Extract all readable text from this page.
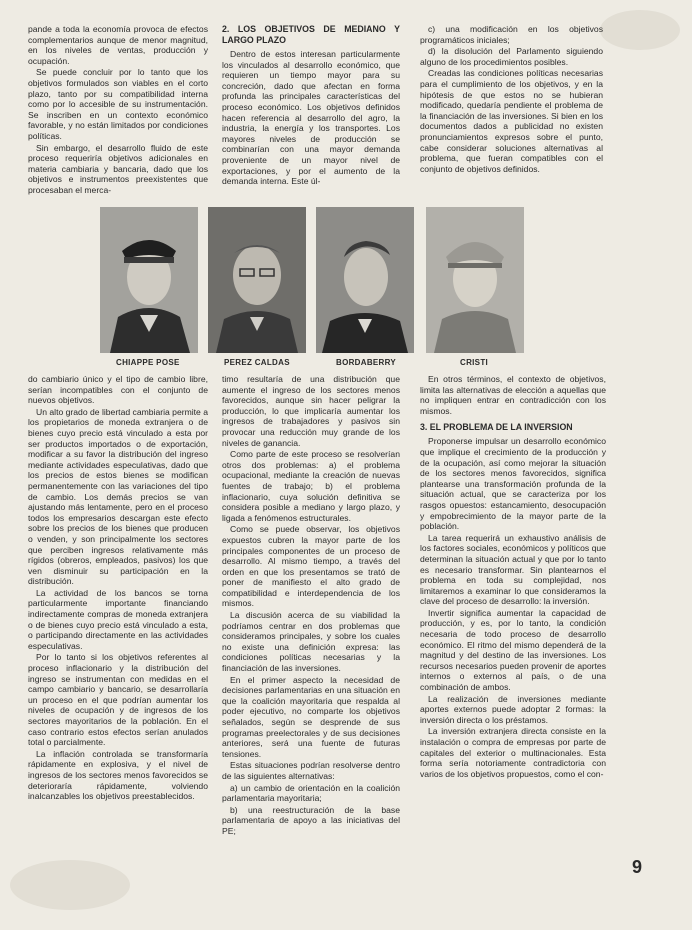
pande a toda la economía provoca de efectos complementarios aunque de menor magnitud, en los niveles de ventas, producción y ocupación.

Se puede concluir por lo tanto que los objetivos formulados son viables en el corto plazo, tanto por su compatibilidad interna como por lo accesible de su instrumentación. Se inscriben en un contexto económico favorable, y no están limitados por condiciones políticas.

Sin embargo, el desarrollo fluido de este proceso requeriría objetivos adicionales en materia cambiaria y bancaria, dado que los objetivos e instrumentos preexistentes que procesaban el merca-

2. LOS OBJETIVOS DE MEDIANO Y LARGO PLAZO

Dentro de estos interesan particularmente los vinculados al desarrollo económico, que requieren un tiempo mayor para su concreción, dado que afectan en forma profunda las principales características del proceso económico. Los objetivos definidos hacen referencia al desarrollo del agro, la industria, la energía y los transportes. Los mayores niveles de producción se combinarían con una mayor demanda proveniente de un mayor nivel de exportaciones, y por el aumento de la demanda interna. Este úl-

c) una modificación en los objetivos programáticos iniciales;

d) la disolución del Parlamento siguiendo alguno de los procedimientos posibles.

Creadas las condiciones políticas necesarias para el cumplimiento de los objetivos, y en la hipótesis de que estos no se hubieran modificado, quedaría pendiente el problema de la financiación de las inversiones. Si bien en los documentos dados a publicidad no existen pronunciamientos expresos sobre el punto, cabe considerar soluciones alternativas al problema, que fueran compatibles con el conjunto de objetivos definidos.

CHIAPPE POSE	PEREZ CALDAS	BORDABERRY	CRISTI

do cambiario único y el tipo de cambio libre, serían incompatibles con el conjunto de nuevos objetivos.

Un alto grado de libertad cambiaria permite a los propietarios de moneda extranjera o de bienes cuyo precio está vinculado a esta por ser productos importados o de exportación, modificar a su favor la distribución del ingreso mediante actividades especulativas, dado que los precios de estos bienes se modifican permanentemente con las variaciones del tipo de cambio. Los demás precios se van ajustando más lentamente, pero en el proceso todos los empresarios descargan este efecto sobre los precios de los bienes que producen o venden, y son principalmente los sectores que perciben ingresos relativamente más rígidos (obreros, empleados, pasivos) los que ven disminuir su participación en la distribución.

La actividad de los bancos se torna particularmente importante financiando indirectamente compras de moneda extranjera o de bienes cuyo precio está vinculado a esta, o participando directamente en las actividades especulativas.

Por lo tanto si los objetivos referentes al proceso inflacionario y la distribución del ingreso se instrumentan con medidas en el campo cambiario y bancario, se desarrollaría un proceso en el que podrían aumentar los niveles de ocupación y de ingresos de los sectores mayoritarios de la población. En el caso contrario estos efectos serían anulados total o parcialmente.

La inflación controlada se transformaría rápidamente en explosiva, y el nivel de ingresos de los sectores menos favorecidos se deterioraría rápidamente, volviendo inalcanzables los objetivos preestablecidos.

timo resultaría de una distribución que aumente el ingreso de los sectores menos favorecidos, aunque sin hacer peligrar la producción, lo que implicaría aumentar los ingresos de trabajadores y pasivos sin provocar una reducción muy grande de los niveles de ganancia.

Como parte de este proceso se resolverían otros dos problemas: a) el problema ocupacional, mediante la creación de nuevas fuentes de trabajo; b) el problema inflacionario, cuya solución definitiva se considera posible a mediano y largo plazo, y ligada a fenómenos estructurales.

Como se puede observar, los objetivos expuestos cubren la mayor parte de los principales componentes de un proceso de desarrollo. Al mismo tiempo, a través del orden en que los presentamos se trató de poner de manifiesto el alto grado de compatibilidad e interdependencia de los mismos.

La discusión acerca de su viabilidad la podríamos centrar en dos problemas que consideramos principales, y sobre los cuales no existe una definición expresa: las condiciones políticas necesarias y la financiación de las inversiones.

En el primer aspecto la necesidad de decisiones parlamentarias en una situación en que la coalición mayoritaria que respalda al poder ejecutivo, no comparte los objetivos señalados, según se desprende de sus programas preelectorales y de sus decisiones anteriores, será una fuente de futuras tensiones.

Estas situaciones podrían resolverse dentro de las siguientes alternativas:

a) un cambio de orientación en la coalición parlamentaria mayoritaria;

b) una reestructuración de la base parlamentaria de apoyo a las iniciativas del PE;

En otros términos, el contexto de objetivos, limita las alternativas de elección a aquellas que no impliquen entrar en contradicción con los mismos.

3. EL PROBLEMA DE LA INVERSION

Proponerse impulsar un desarrollo económico que implique el crecimiento de la producción y de la ocupación, así como mejorar la situación de los sectores menos favorecidos, significa plantearse una transformación profunda de la situación actual, que se caracteriza por los rasgos opuestos: estancamiento, desocupación y empobrecimiento de la mayor parte de la población.

La tarea requerirá un exhaustivo análisis de los factores sociales, económicos y políticos que determinan la situación actual y que por lo tanto es necesario transformar. Sin plantearnos el problema en toda su complejidad, nos limitaremos a examinar lo que consideramos la clave del proceso de desarrollo: la inversión.

Invertir significa aumentar la capacidad de producción, y es, por lo tanto, la condición necesaria de todo proceso de desarrollo económico. El ritmo del mismo dependerá de la magnitud y del destino de las inversiones. Los recursos necesarios pueden provenir de aportes internos o externos al país, o de una combinación de ambos.

La realización de inversiones mediante aportes externos puede adoptar 2 formas: la inversión directa o los préstamos.

La inversión extranjera directa consiste en la instalación o compra de empresas por parte de capitales del exterior o multinacionales. Esta forma sería notoriamente contradictoria con varios de los objetivos propuestos, como el con-

9
